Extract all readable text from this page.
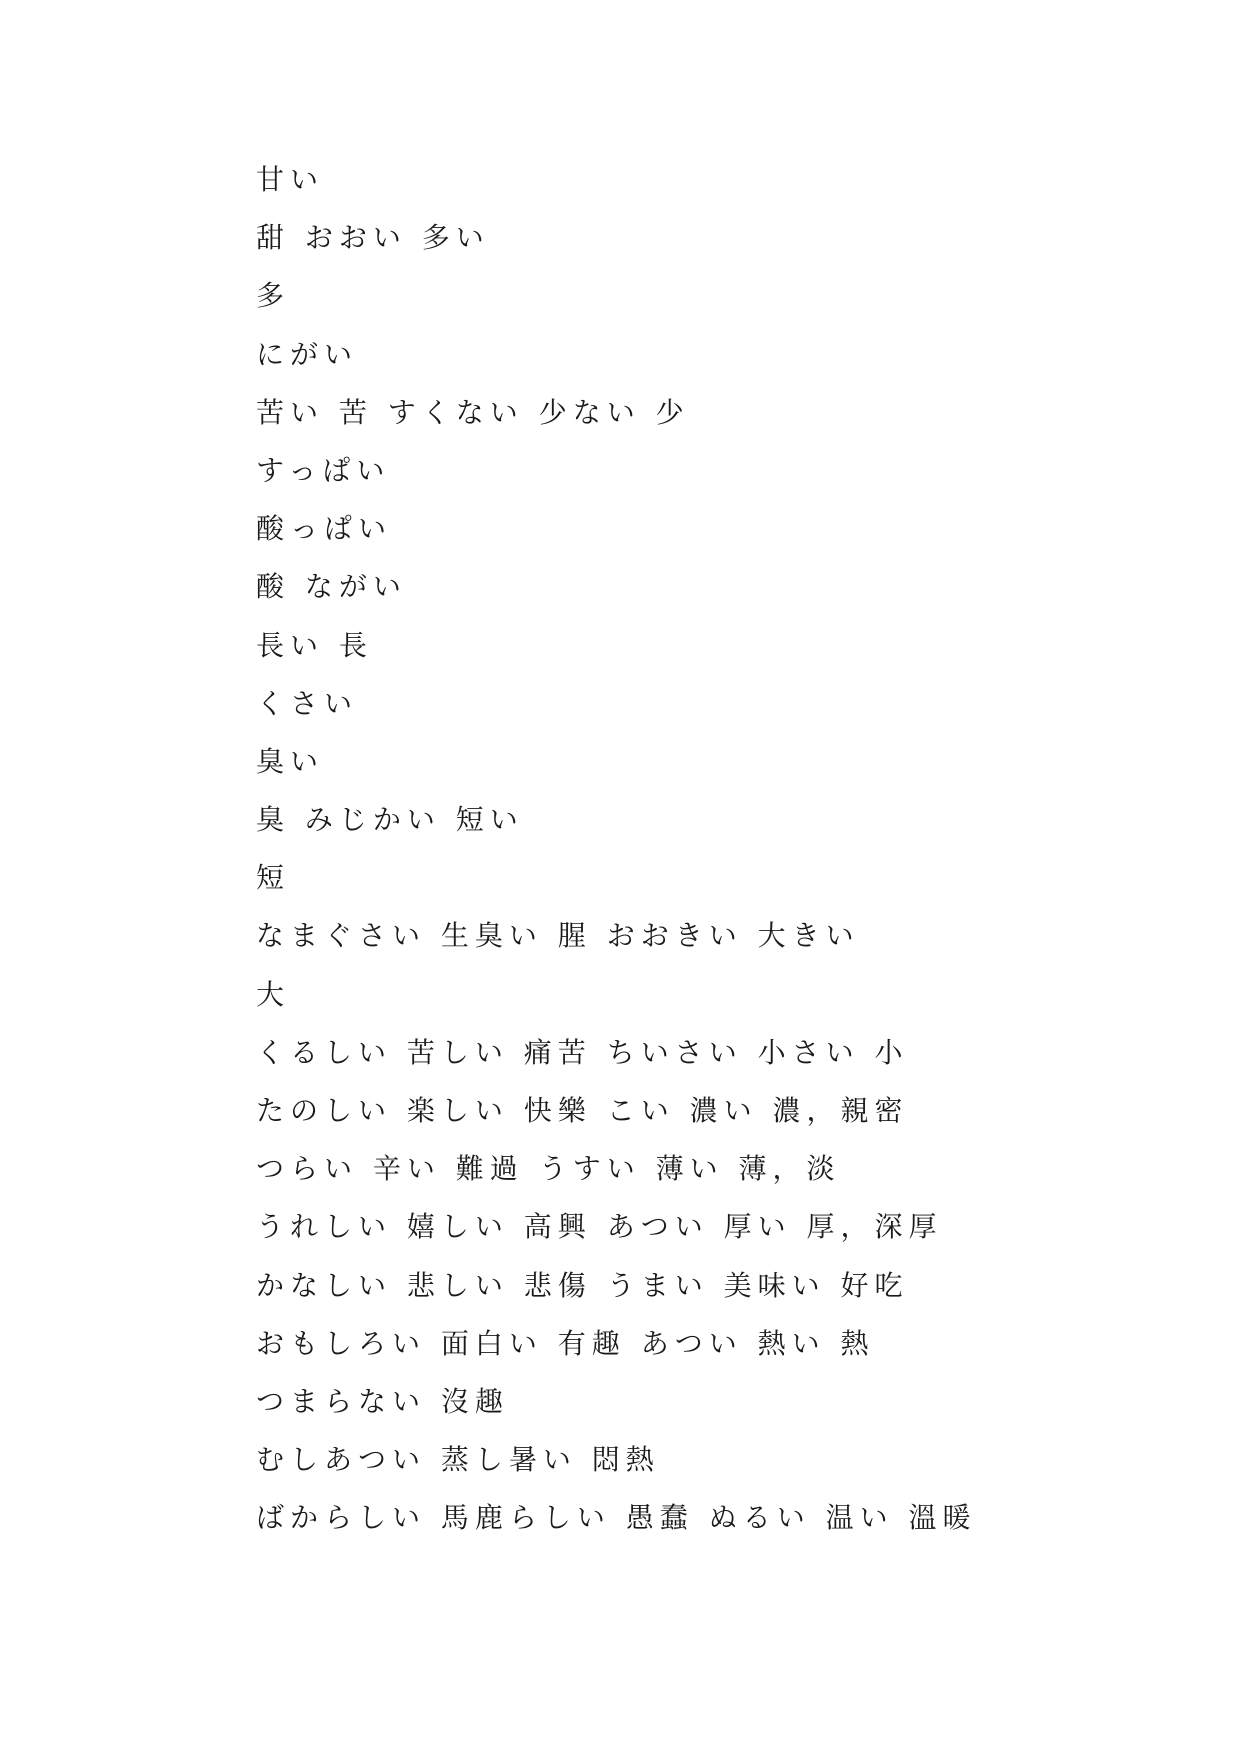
甘い
甜 おおい 多い
多
にがい
苦い 苦 すくない 少ない 少
すっぱい
酸っぱい
酸 ながい
長い 長
くさい
臭い
臭 みじかい 短い
短
なまぐさい 生臭い 腥 おおきい 大きい
大
くるしい 苦しい 痛苦 ちいさい 小さい 小
たのしい 楽しい 快樂 こい 濃い 濃，親密
つらい 辛い 難過 うすい 薄い 薄，淡
うれしい 嬉しい 高興 あつい 厚い 厚，深厚
かなしい 悲しい 悲傷 うまい 美味い 好吃
おもしろい 面白い 有趣 あつい 熱い 熱
つまらない 沒趣
むしあつい 蒸し暑い 悶熱
ばからしい 馬鹿らしい 愚蠢 ぬるい 温い 溫暖
